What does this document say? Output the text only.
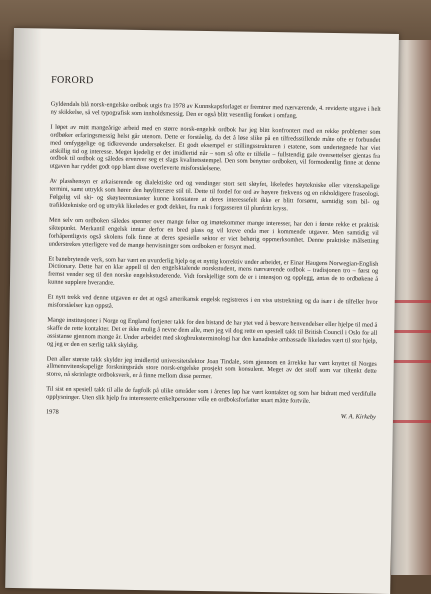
FORORD

Gyldendals blå norsk-engelske ordbok utgis fra 1978 av Kunnskapsforlaget er fremtrer med nærværende, 4. reviderte utgave i helt ny skikkelse, så vel typografisk som innholdsmessig. Den er også blitt vesentlig forøket i omfang.

I løpet av mitt mangeårige arbeid med en større norsk-engelsk ordbok har jeg blitt konfrontert med en rekke problemer som ordbøker erfaringsmessig helst går utenom. Dette er forståelig, da det å løse slike på en tilfredsstillende måte ofte er forbundet med omfyggelige og tidkrevende undersøkelser. Et godt eksempel er stillingsstrukturen i etatene, som undertegnede har viet atskillig tid og interesse. Meget kjedelig er det imidlertid når – som så ofte er tilfelle – fullstendig gale oversettelser gjentas fra ordbok til ordbok og således erverver seg et slags kvalitetsstempel. Den som benytter ordboken, vil formodentlig finne at denne utgaven har ryddet godt opp blant disse overleverte misforståelsene.

Av plasshensyn er arkaiserende og dialektiske ord og vendinger stort sett sløyfet, likeledes høytekniske eller vitenskapelige termini, samt uttrykk som hører den høylitterære stil til. Dette til fordel for ord av høyere frekvens og en rikholdigere fraseologi. Følgelig vil ski- og skøyteentusiaster kunne konstatere at deres interessefelt ikke er blitt forsømt, samtidig som bil- og trafikktekniske ord og uttrykk likeledes er godt dekket, fra rusk i forgasseren til plunfritt kryss.

Men selv om ordboken således spenner over mange felter og imøtekommer mange interesser, har den i første rekke et praktisk siktepunkt. Merkantil engelsk inntar derfor en bred plass og vil kreve enda mer i kommende utgaver. Men samtidig vil forhåpentligvis også skolens folk finne at deres spesielle sektor er viet behørig oppmerksomhet. Denne praktiske målsetting understrekes ytterligere ved de mange henvisninger som ordboken er forsynt med.

Et banebrytende verk, som har vært en uvurderlig hjelp og et nyttig korrektiv under arbeidet, er Einar Haugens Norwegian-English Dictionary. Dette har en klar appell til den engelsktalende norskstudent, mens nærværende ordbok – tradisjonen tro – først og fremst vender seg til den norske engelskstuderende. Vidt forskjellige som de er i intensjon og opplegg, antas de to ordbøkene å kunne supplere hverandre.

Et nytt trekk ved denne utgaven er det at også amerikansk engelsk registreres i en viss utstrekning og da især i de tilfeller hvor misforståelser kan oppstå.

Mange institusjoner i Norge og England fortjener takk for den bistand de har ytet ved å besvare henvendelser eller hjelpe til med å skaffe de rette kontakter. Det er ikke mulig å nevne dem alle, men jeg vil dog rette en spesiell takk til British Council i Oslo for all assistanse gjennom mange år. Under arbeidet med skogbruksterminologi har den kanadiske ambassade likeledes vært til stor hjelp, og jeg er den en særlig takk skyldig.

Den aller største takk skylder jeg imidlertid universitetslektor Joan Tindale, som gjennom en årrekke har vært knyttet til Norges allmennvitenskapelige forskningsråds store norsk-engelske prosjekt som konsulent. Meget av det stoff som var tiltenkt dette storre, nå skrinlagte ordboksverk, er å finne mellom disse permer.

Til sist en spesiell takk til alle de fagfolk på ulike områder som i årenes løp har vært kontaktet og som har bidratt med verdifulle opplysninger. Uten slik hjelp fra interesserte enkeltpersoner ville en ordboksforfatter snart måtte fortvile.

1978
W. A. Kirkeby
